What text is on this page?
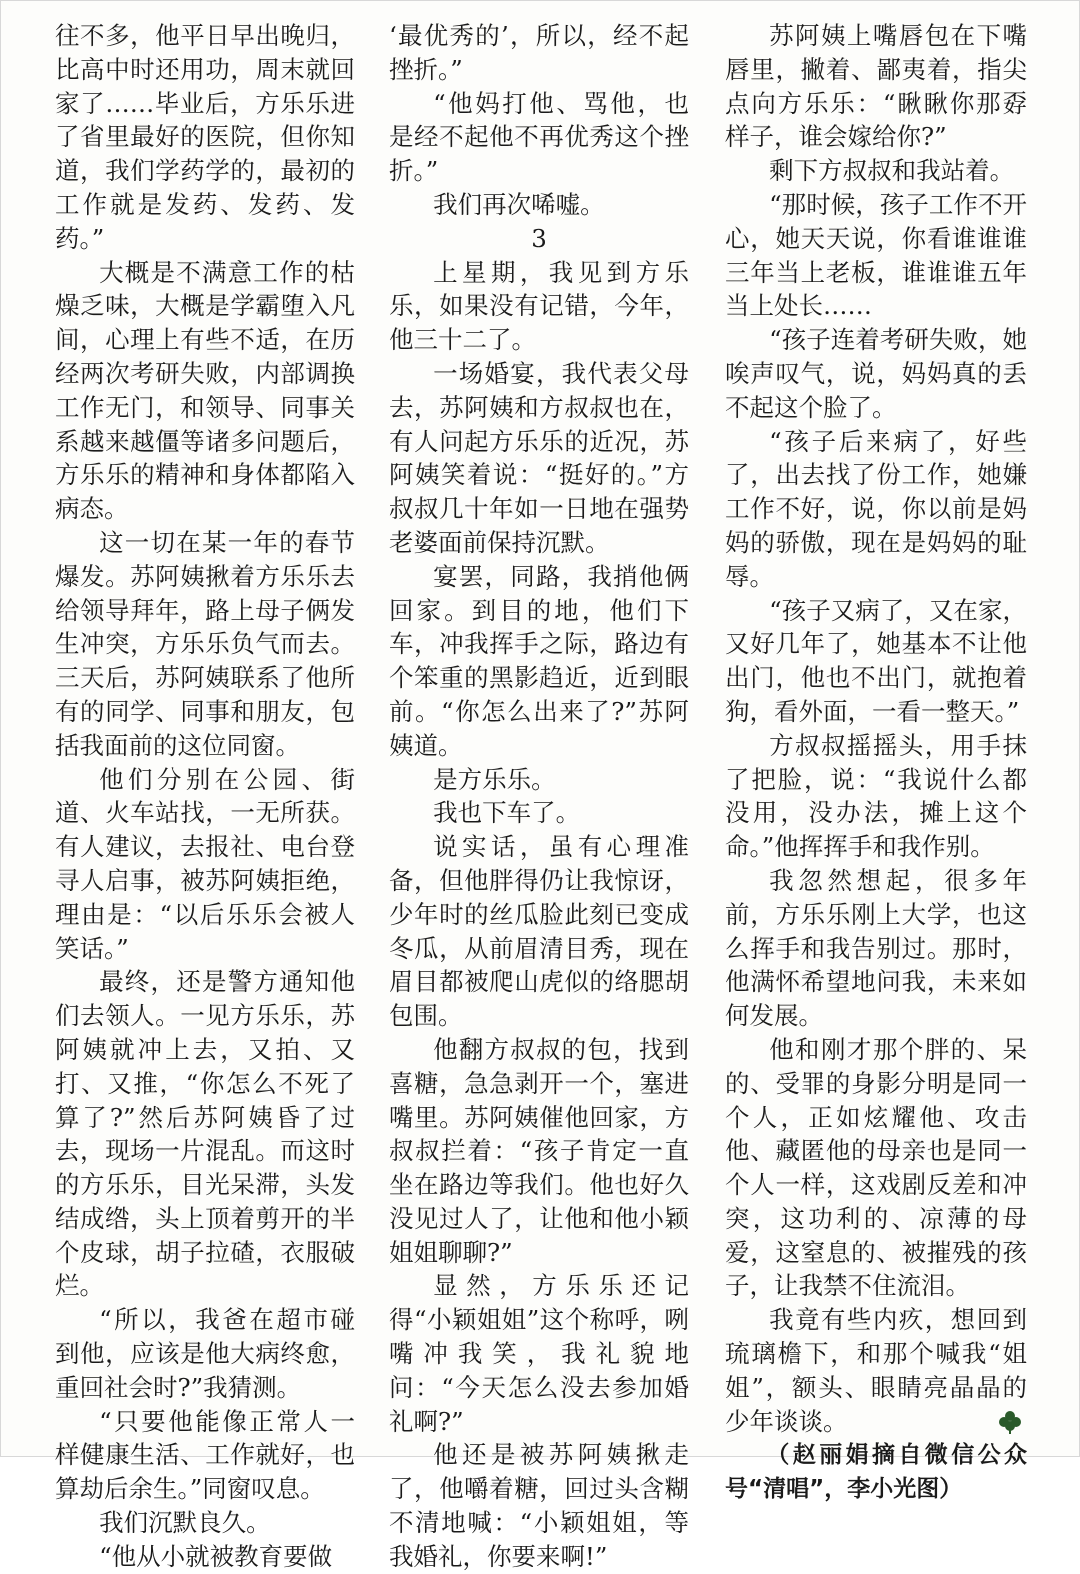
往不多，他平日早出晚归，比高中时还用功，周末就回家了……毕业后，方乐乐进了省里最好的医院，但你知道，我们学药学的，最初的工作就是发药、发药、发药。”

大概是不满意工作的枯燥乏味，大概是学霸堕入凡间，心理上有些不适，在历经两次考研失败，内部调换工作无门，和领导、同事关系越来越僵等诸多问题后，方乐乐的精神和身体都陷入病态。

这一切在某一年的春节爆发。苏阿姨揪着方乐乐去给领导拜年，路上母子俩发生冲突，方乐乐负气而去。三天后，苏阿姨联系了他所有的同学、同事和朋友，包括我面前的这位同窗。

他们分别在公园、街道、火车站找，一无所获。有人建议，去报社、电台登寻人启事，被苏阿姨拒绝，理由是：“以后乐乐会被人笑话。”

最终，还是警方通知他们去领人。一见方乐乐，苏阿姨就冲上去，又拍、又打、又推，“你怎么不死了算了?”然后苏阿姨昏了过去，现场一片混乱。而这时的方乐乐，目光呆滞，头发结成绺，头上顶着剪开的半个皮球，胡子拉碴，衣服破烂。

“所以，我爸在超市碰到他，应该是他大病终愈，重回社会时?”我猜测。

“只要他能像正常人一样健康生活、工作就好，也算劫后余生。”同窗叹息。

我们沉默良久。

“他从小就被教育要做

‘最优秀的’，所以，经不起挫折。”

“他妈打他、骂他，也是经不起他不再优秀这个挫折。”

我们再次唏嘘。

3

上星期，我见到方乐乐，如果没有记错，今年，他三十二了。

一场婚宴，我代表父母去，苏阿姨和方叔叔也在，有人问起方乐乐的近况，苏阿姨笑着说：“挺好的。”方叔叔几十年如一日地在强势老婆面前保持沉默。

宴罢，同路，我捎他俩回家。到目的地，他们下车，冲我挥手之际，路边有个笨重的黑影趋近，近到眼前。“你怎么出来了?”苏阿姨道。

是方乐乐。

我也下车了。

说实话，虽有心理准备，但他胖得仍让我惊讶，少年时的丝瓜脸此刻已变成冬瓜，从前眉清目秀，现在眉目都被爬山虎似的络腮胡包围。

他翻方叔叔的包，找到喜糖，急急剥开一个，塞进嘴里。苏阿姨催他回家，方叔叔拦着：“孩子肯定一直坐在路边等我们。他也好久没见过人了，让他和他小颖姐姐聊聊?”

显然，方乐乐还记得“小颖姐姐”这个称呼，咧嘴冲我笑，我礼貌地问：“今天怎么没去参加婚礼啊?”

他还是被苏阿姨揪走了，他嚼着糖，回过头含糊不清地喊：“小颖姐姐，等我婚礼，你要来啊!”

苏阿姨上嘴唇包在下嘴唇里，撇着、鄙夷着，指尖点向方乐乐：“瞅瞅你那孬样子，谁会嫁给你?”

剩下方叔叔和我站着。

“那时候，孩子工作不开心，她天天说，你看谁谁谁三年当上老板，谁谁谁五年当上处长……

“孩子连着考研失败，她唉声叹气，说，妈妈真的丢不起这个脸了。

“孩子后来病了，好些了，出去找了份工作，她嫌工作不好，说，你以前是妈妈的骄傲，现在是妈妈的耻辱。

“孩子又病了，又在家，又好几年了，她基本不让他出门，他也不出门，就抱着狗，看外面，一看一整天。”

方叔叔摇摇头，用手抹了把脸，说：“我说什么都没用，没办法，摊上这个命。”他挥挥手和我作别。

我忽然想起，很多年前，方乐乐刚上大学，也这么挥手和我告别过。那时，他满怀希望地问我，未来如何发展。

他和刚才那个胖的、呆的、受罪的身影分明是同一个人，正如炫耀他、攻击他、藏匿他的母亲也是同一个人一样，这戏剧反差和冲突，这功利的、凉薄的母爱，这窒息的、被摧残的孩子，让我禁不住流泪。

我竟有些内疚，想回到琉璃檐下，和那个喊我“姐姐”，额头、眼睛亮晶晶的少年谈谈。

（赵丽娟摘自微信公众号“清唱”，李小光图）
